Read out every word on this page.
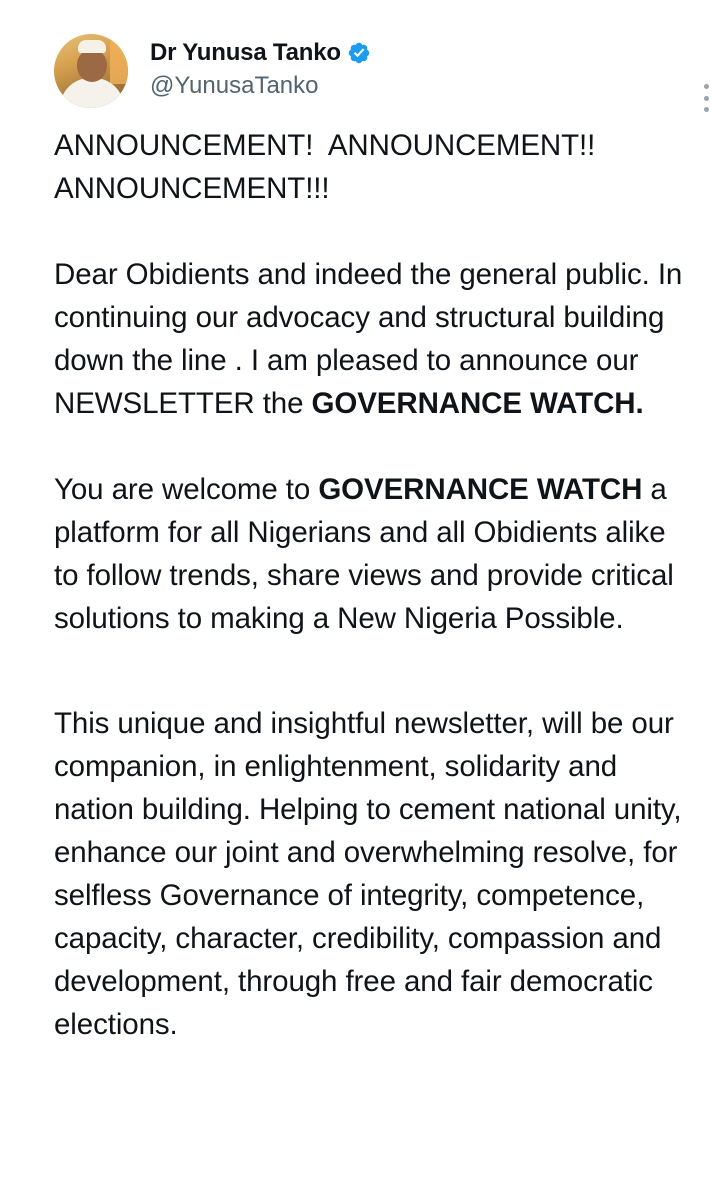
Dr Yunusa Tanko
@YunusaTanko

ANNOUNCEMENT!  ANNOUNCEMENT!!

ANNOUNCEMENT!!!

Dear Obidients and indeed the general public. In continuing our advocacy and structural building down the line . I am pleased to announce our NEWSLETTER the GOVERNANCE WATCH.

You are welcome to GOVERNANCE WATCH a platform for all Nigerians and all Obidients alike to follow trends, share views and provide critical solutions to making a New Nigeria Possible.

This unique and insightful newsletter, will be our companion, in enlightenment, solidarity and nation building. Helping to cement national unity, enhance our joint and overwhelming resolve, for selfless Governance of integrity, competence, capacity, character, credibility, compassion and development, through free and fair democratic elections.
